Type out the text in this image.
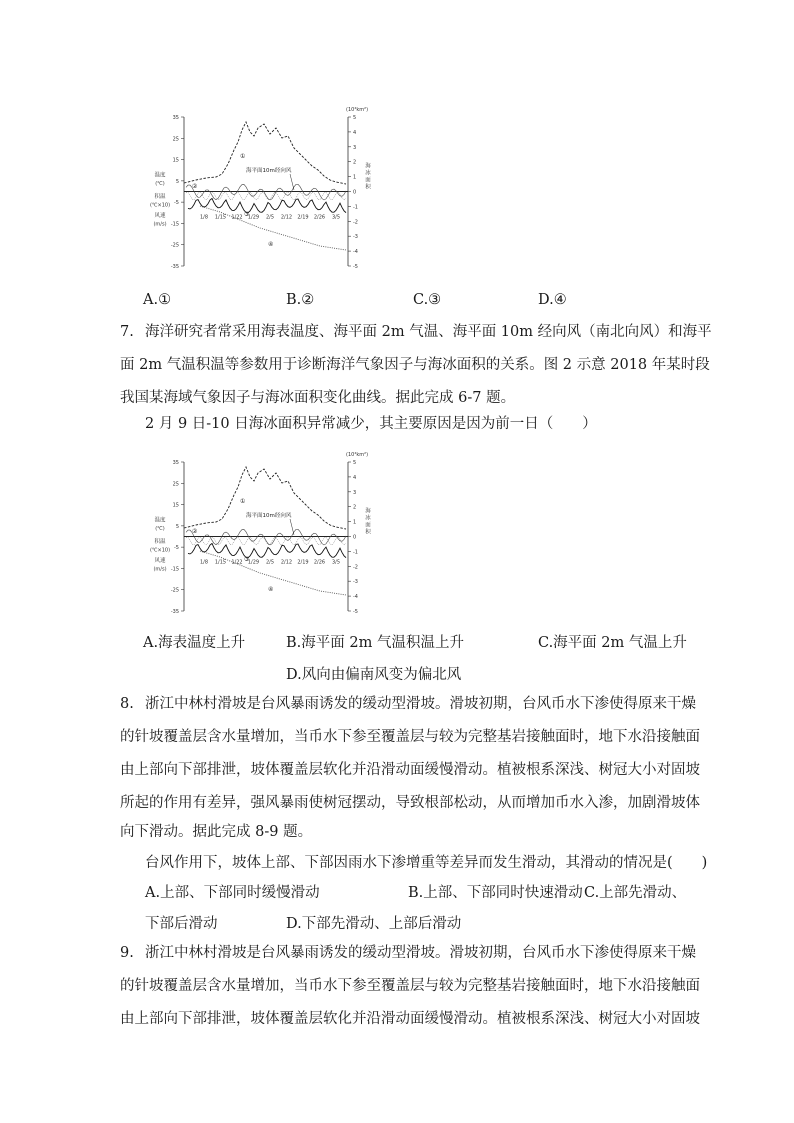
35
25
15
5
-5
-15
-25
-35
5
4
3
2
1
0
-1
-2
-3
-4
-5
(10⁴km²)
1/8 1/15 1/22 1/29 2/5 2/12 2/19 2/26 3/5
温度
(℃)
积温
(℃×10)
风速
(m/s)
海
冰
面
积
①
②
③
④
海平面10m经向风
A.①	B.②	C.③	D.④
7. 海洋研究者常采用海表温度、海平面 2m 气温、海平面 10m 经向风（南北向风）和海平
面 2m 气温积温等参数用于诊断海洋气象因子与海冰面积的关系。图 2 示意 2018 年某时段
我国某海域气象因子与海冰面积变化曲线。据此完成 6-7 题。
2 月 9 日-10 日海冰面积异常减少，其主要原因是因为前一日（　　）
35
25
15
5
-5
-15
-25
-35
5
4
3
2
1
0
-1
-2
-3
-4
-5
(10⁴km²)
1/8 1/15 1/22 1/29 2/5 2/12 2/19 2/26 3/5
温度
(℃)
积温
(℃×10)
风速
(m/s)
海
冰
面
积
①
②
③
④
海平面10m经向风
A.海表温度上升	B.海平面 2m 气温积温上升	C.海平面 2m 气温上升
D.风向由偏南风变为偏北风
8. 浙江中林村滑坡是台风暴雨诱发的缓动型滑坡。滑坡初期，台风币水下渗使得原来干燥
的针坡覆盖层含水量增加，当币水下参至覆盖层与较为完整基岩接触面时，地下水沿接触面
由上部向下部排泄，坡体覆盖层软化并沿滑动面缓慢滑动。植被根系深浅、树冠大小对固坡
所起的作用有差异，强风暴雨使树冠摆动，导致根部松动，从而增加币水入渗，加剧滑坡体
向下滑动。据此完成 8-9 题。
台风作用下，坡体上部、下部因雨水下渗增重等差异而发生滑动，其滑动的情况是(　　)
A.上部、下部同时缓慢滑动	B.上部、下部同时快速滑动 C.上部先滑动、
下部后滑动	D.下部先滑动、上部后滑动
9. 浙江中林村滑坡是台风暴雨诱发的缓动型滑坡。滑坡初期，台风币水下渗使得原来干燥
的针坡覆盖层含水量增加，当币水下参至覆盖层与较为完整基岩接触面时，地下水沿接触面
由上部向下部排泄，坡体覆盖层软化并沿滑动面缓慢滑动。植被根系深浅、树冠大小对固坡
